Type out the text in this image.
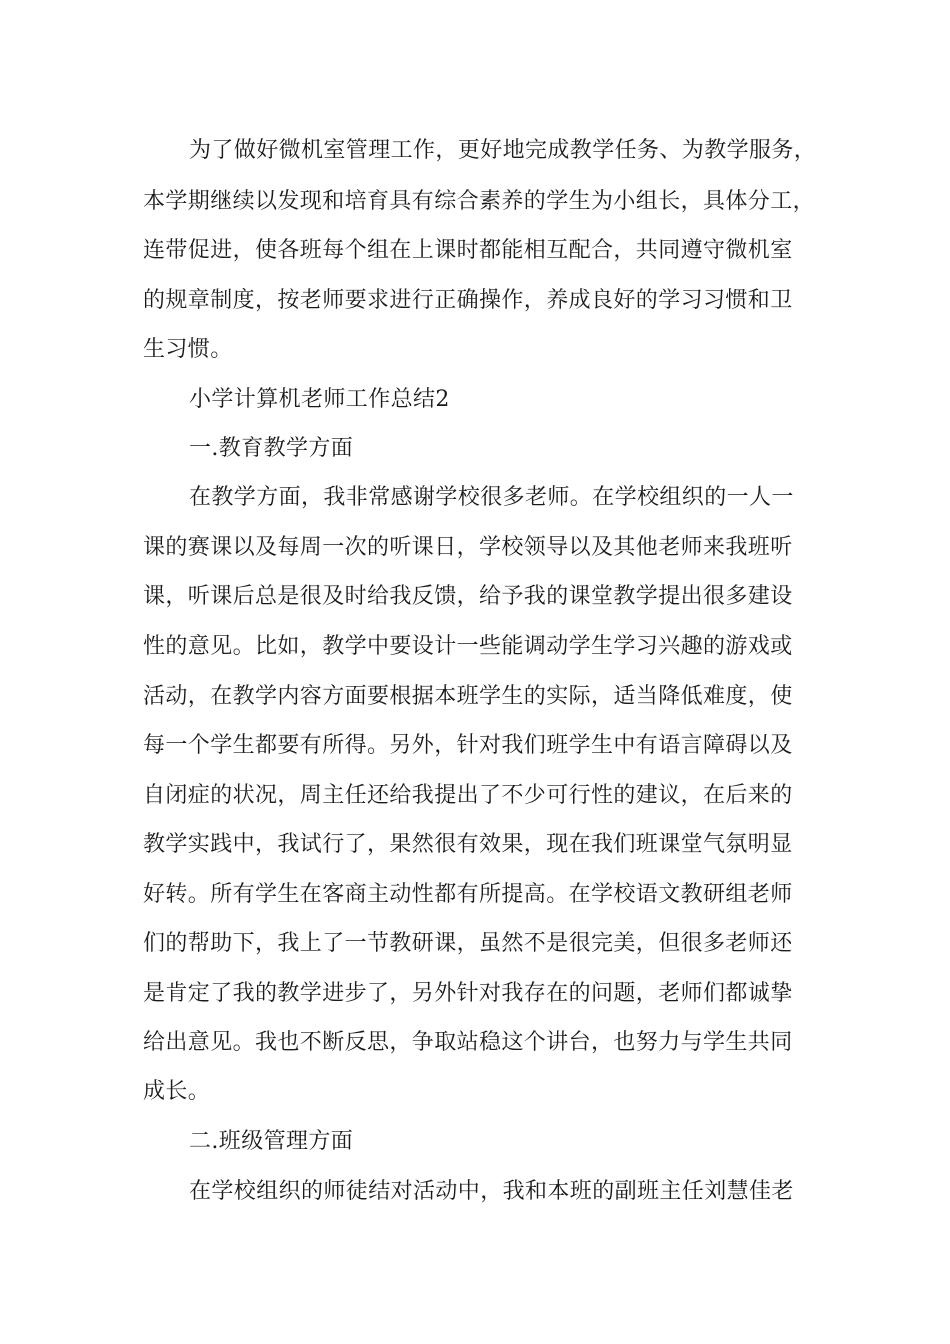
为了做好微机室管理工作，更好地完成教学任务、为教学服务，
本学期继续以发现和培育具有综合素养的学生为小组长，具体分工，
连带促进，使各班每个组在上课时都能相互配合，共同遵守微机室
的规章制度，按老师要求进行正确操作，养成良好的学习习惯和卫
生习惯。
小学计算机老师工作总结2
一.教育教学方面
在教学方面，我非常感谢学校很多老师。在学校组织的一人一
课的赛课以及每周一次的听课日，学校领导以及其他老师来我班听
课，听课后总是很及时给我反馈，给予我的课堂教学提出很多建设
性的意见。比如，教学中要设计一些能调动学生学习兴趣的游戏或
活动，在教学内容方面要根据本班学生的实际，适当降低难度，使
每一个学生都要有所得。另外，针对我们班学生中有语言障碍以及
自闭症的状况，周主任还给我提出了不少可行性的建议，在后来的
教学实践中，我试行了，果然很有效果，现在我们班课堂气氛明显
好转。所有学生在客商主动性都有所提高。在学校语文教研组老师
们的帮助下，我上了一节教研课，虽然不是很完美，但很多老师还
是肯定了我的教学进步了，另外针对我存在的问题，老师们都诚挚
给出意见。我也不断反思，争取站稳这个讲台，也努力与学生共同
成长。
二.班级管理方面
在学校组织的师徒结对活动中，我和本班的副班主任刘慧佳老
